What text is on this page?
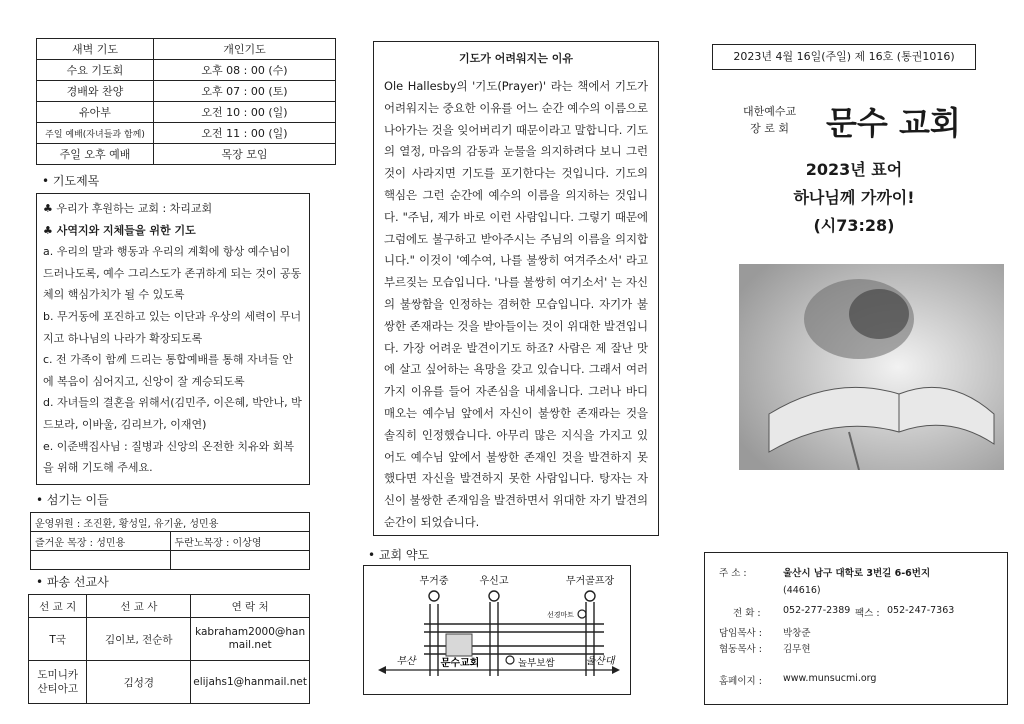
새벽 기도	개인기도
수요 기도회	오후 08 : 00 (수)
경배와 찬양	오후 07 : 00 (토)
유아부	오전 10 : 00 (일)
주일 예배(자녀들과 함께)	오전 11 : 00 (일)
주일 오후 예배	목장 모임
• 기도제목

♣ 우리가 후원하는 교회 : 차리교회

♣ 사역지와 지체들을 위한 기도

a. 우리의 말과 행동과 우리의 계획에 항상 예수님이 드러나도록, 예수 그리스도가 존귀하게 되는 것이 공동체의 핵심가치가 될 수 있도록

b. 무거동에 포진하고 있는 이단과 우상의 세력이 무너지고 하나님의 나라가 확장되도록

c. 전 가족이 함께 드리는 통합예배를 통해 자녀들 안에 복음이 심어지고, 신앙이 잘 계승되도록

d. 자녀들의 결혼을 위해서(김민주, 이은혜, 박안나, 박드보라, 이바울, 김리브가, 이재연)

e. 이준백집사님 : 질병과 신앙의 온전한 치유와 회복을 위해 기도해 주세요.

• 섬기는 이들
운영위원 : 조진환, 황성일, 유기윤, 성민용	
즐거운 목장 : 성민용	두란노목장 : 이상영

• 파송 선교사
선 교 지	선 교 사	연 락 처
T국	김이보, 전순하	kabraham2000@hanmail.net
도미니카 산티아고	김성경	elijahs1@hanmail.net
기도가 어려워지는 이유

Ole Hallesby의 '기도(Prayer)' 라는 책에서 기도가 어려워지는 중요한 이유를 어느 순간 예수의 이름으로 나아가는 것을 잊어버리기 때문이라고 말합니다. 기도의 열정, 마음의 감동과 눈물을 의지하려다 보니 그런 것이 사라지면 기도를 포기한다는 것입니다. 기도의 핵심은 그런 순간에 예수의 이름을 의지하는 것입니다. "주님, 제가 바로 이런 사람입니다. 그렇기 때문에 그럼에도 불구하고 받아주시는 주님의 이름을 의지합니다." 이것이 '예수여, 나를 불쌍히 여겨주소서' 라고 부르짖는 모습입니다. '나를 불쌍히 여기소서' 는 자신의 불쌍함을 인정하는 겸허한 모습입니다. 자기가 불쌍한 존재라는 것을 받아들이는 것이 위대한 발견입니다. 가장 어려운 발견이기도 하죠? 사람은 제 잘난 맛에 살고 싶어하는 욕망을 갖고 있습니다. 그래서 여러 가지 이유를 들어 자존심을 내세웁니다. 그러나 바디매오는 예수님 앞에서 자신이 불쌍한 존재라는 것을 솔직히 인정했습니다. 아무리 많은 지식을 가지고 있어도 예수님 앞에서 불쌍한 존재인 것을 발견하지 못했다면 자신을 발견하지 못한 사람입니다. 탕자는 자신이 불쌍한 존재임을 발견하면서 위대한 자기 발견의 순간이 되었습니다.

• 교회 약도
무거중	우신고	무거골프장
선경마트
문수교회	놀부보쌈
부산	울산대
2023년 4월 16일(주일) 제 16호 (통권1016)
대한예수교
장 로 회 문수 교회
2023년 표어
하나님께 가까이!
(시73:28)
주 소 :	울산시 남구 대학로 3번길 6-6번지
(44616)
전 화 : 052-277-2389 팩스 : 052-247-7363
담임목사 : 박창준
협동목사 : 김무현
홈페이지 : www.munsucmi.org
